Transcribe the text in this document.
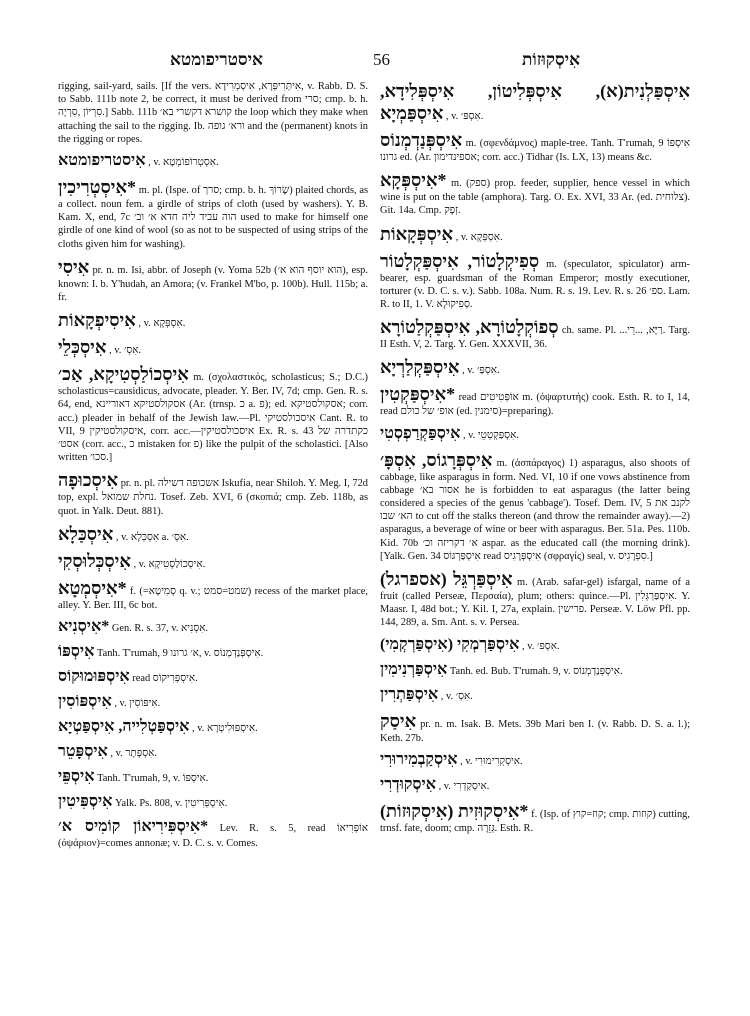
איסטריפומטא	56	אִיסְקוּזוֹת

rigging, sail-yard, sails. [If the vers. אִיתְּרִיפְּרָא, אִיסְמְרִידָא, v. Rabb. D. S. to Sabb. 111b note 2, be correct, it must be derived from סרי; cmp. b. h. סִרְיוֹן ,סִרְיָה.] Sabb. 111b קושרא דקשרי בא׳ the loop which they make when attaching the sail to the rigging. Ib. ורא׳ גופה and the (permanent) knots in the rigging or ropes.

אִיסטריפומטא , v. אִסְטְרוֹפוֹמְטָא.

*אִיסְטְרִיכִין m. pl. (Ispe. of סרך; cmp. b. h. שָׂרוֹךְ) plaited chords, as a collect. noun fem. a girdle of strips of cloth (used by washers). Y. B. Kam. X, end, 7c הוה עביד ליה חדא א׳ וב׳ used to make for himself one girdle of one kind of wool (so as not to be suspected of using strips of the cloths given him for washing).

אִיסִי pr. n. m. Isi, abbr. of Joseph (v. Yoma 52b (הוא יוסף הוא א׳), esp. known: I. b. Y'hudah, an Amora; (v. Frankel M'bo, p. 100b). Hull. 115b; a. fr.

אִיסִיפְקָאוֹת , v. אִסְפְּקָא.

אִיסְכְּלֵי , v. אִסְ׳.

אִיסְכוֹלַסְטִיקָא, אַכ׳ m. (σχολαστικός, scholasticus; S.; D.C.) scholasticus=causidicus, advocate, pleader. Y. Ber. IV, 7d; cmp. Gen. R. s. 64, end, אסקולסטיקא דאוריינא (Ar. (trnsp. כ a. פ); ed. אסקולסטיקא; corr. acc.) pleader in behalf of the Jewish law.—Pl. איסכולסטיקי Cant. R. to VII, 9 איסקולסטיקין, corr. acc.—איסכולסטיקין Ex. R. s. 43 כקתדרה של אסט׳ (corr. acc., כ mistaken for פ) like the pulpit of the scholastici. [Also written סכו׳.]

אִיסְכוּפָה pr. n. pl. אשכופה דשילה Iskufia, near Shiloh. Y. Meg. I, 72d top, expl. נחלת שמואל. Tosef. Zeb. XVI, 6 (σκοπιά; cmp. Zeb. 118b, as quot. in Yalk. Deut. 881).

אִיסְכַּלָא , v. אִסְכְּלָא a. אִסְ׳.

אִיסְכְּלוּסְקִי , v. אִיסְכוֹלַסְטִיקָא.

*אִיסְמְטָא f. (=סְמִיטָא q. v.; שמט=סמט) recess of the market place, alley. Y. Ber. III, 6c bot.

*אִיסְנִיא Gen. R. s. 37, v. אִסְנִיא.

אִיסְפּוֹ Tanh. T'rumah, 9 א׳ גרונו, v. אִיסְפְּנַדְמְנוֹס.

אִיסְפּוּמוּקוֹס read אִיסְפְּרִיקוֹס.

אִיסְפּוֹסִין , v. אִיפּוֹסִין.

אִיסְפַּטְלִייה, אִיסְפַּטְיָא , v. אִיסְפּוּלִיטְרָא.

אִיסְפָּטֵר , v. אִסְפָּתָר.

אִיסְפֵּי Tanh. T'rumah, 9, v. אִיסְפּוֹ.

אִיסְפִּיטִין Yalk. Ps. 808, v. אִיסְפְּרִיטִין.

*אִיסְפִּירִיאוֹן קוֹמִיס א׳ Lev. R. s. 5, read אוֹפְּרִיאוֹ (ὀψάριον)=comes annonæ; v. D. C. s. v. Comes.

אִיסְפַּלְנִית(א), אִיסְפְּלִיטוֹן, אִיסְפְּלִידָא, אִיסְפַּמְיָא , v. אִסְפּ׳.

אִיסְפְּנַדְמְנוֹס m. (σφενδάμνος) maple-tree. Tanh. T'rumah, 9 אִיסְפּוֹ גרונו ed. (Ar. אספינדימון; corr. acc.) Tidhar (Is. LX, 13) means &c.

*אִיסְפְּקָא m. (ספק) prop. feeder, supplier, hence vessel in which wine is put on the table (amphora). Targ. O. Ex. XVI, 33 Ar. (ed. צלוחית). Git. 14a. Cmp. זְפָק.

אִיסְפְּקָאוֹת , v. אִסְפְּקָא.

סְפִיקְלָטוֹר, אִיסְפַּקְלָטוֹר m. (speculator, spiculator) arm-bearer, esp. guardsman of the Roman Emperor; mostly executioner, torturer (v. D. C. s. v.). Sabb. 108a. Num. R. s. 19. Lev. R. s. 26 ספ׳. Lam. R. to II, 1. V. סְפִיקוּלָא.

סְפוֹקְלָטוֹרָא, אִיסְפַּקְלַטוֹרָא ch. same. Pl. ...רַיָּא, ...רֵי. Targ. II Esth. V, 2. Targ. Y. Gen. XXXVII, 36.

אִיסְפַּקְלַרְיָא , v. אִסְפַּ׳.

*אִיסְפַּקְטִין read אוֹפְּטִיטִים m. (ὀψαρτυτής) cook. Esth. R. to I, 14, read אופ׳ של כולם (ed. סימנין)=preparing).

אִיסְפַּקְרַפְסְטִי , v. אִסְפַּקְטְטֵי.

אִיסְפְּרָגוֹס, אִסְפָּ׳ m. (ἀσπάραγος) 1) asparagus, also shoots of cabbage, like asparagus in form. Ned. VI, 10 if one vows abstinence from cabbage אסור בא׳ he is forbidden to eat asparagus (the latter being considered a species of the genus 'cabbage'). Tosef. Dem. IV, 5 לקנב את הא׳ שבו to cut off the stalks thereon (and throw the remainder away).—2) asparagus, a beverage of wine or beer with asparagus. Ber. 51a. Pes. 110b. Kid. 70b א׳ דקריזה וכ׳ aspar. as the educated call (the morning drink). [Yalk. Gen. 34 אִיסְפַּרְגּוֹס read אִיסְפְּרָגִיס (σφραγίς) seal, v. סִפְרָגִיס.]

אִיסְפַּרְגֵּל (אספרגל) m. (Arab. safar-gel) isfargal, name of a fruit (called Perseæ, Περσαία), plum; others: quince.—Pl. אִיסְפַּרְגְּלִין. Y. Maasr. I, 48d bot.; Y. Kil. I, 27a, explain. פרישין. Perseæ. V. Löw Pfl. pp. 144, 289, a. Sm. Ant. s. v. Persea.

אִיסְפַּרְמְקִי (אִיסְפַּרְקְמִי) , v. אִסְפּ׳.

אִיסְפַּרְנִימִין Tanh. ed. Bub. T'rumah. 9, v. אִיסְפְּנַדְמְנוֹס.

אִיסְפַּתְרִין , v. אִסְ׳.

אִיסַק pr. n. m. Isak. B. Mets. 39b Mari ben I. (v. Rabb. D. S. a. l.); Keth. 27b.

אִיסְקַבְמִירוּרִי , v. אִיסְקְרִימוּרִי.

אִיסְקוּדְרִי , v. אִיסְקַדְרִי.

*אִיסְקוּזִית (אִיסְקוּזוֹת) f. (Isp. of קוז=קוץ; cmp. קוזות) cutting, trnsf. fate, doom; cmp. גְּזֵרָה. Esth. R.
